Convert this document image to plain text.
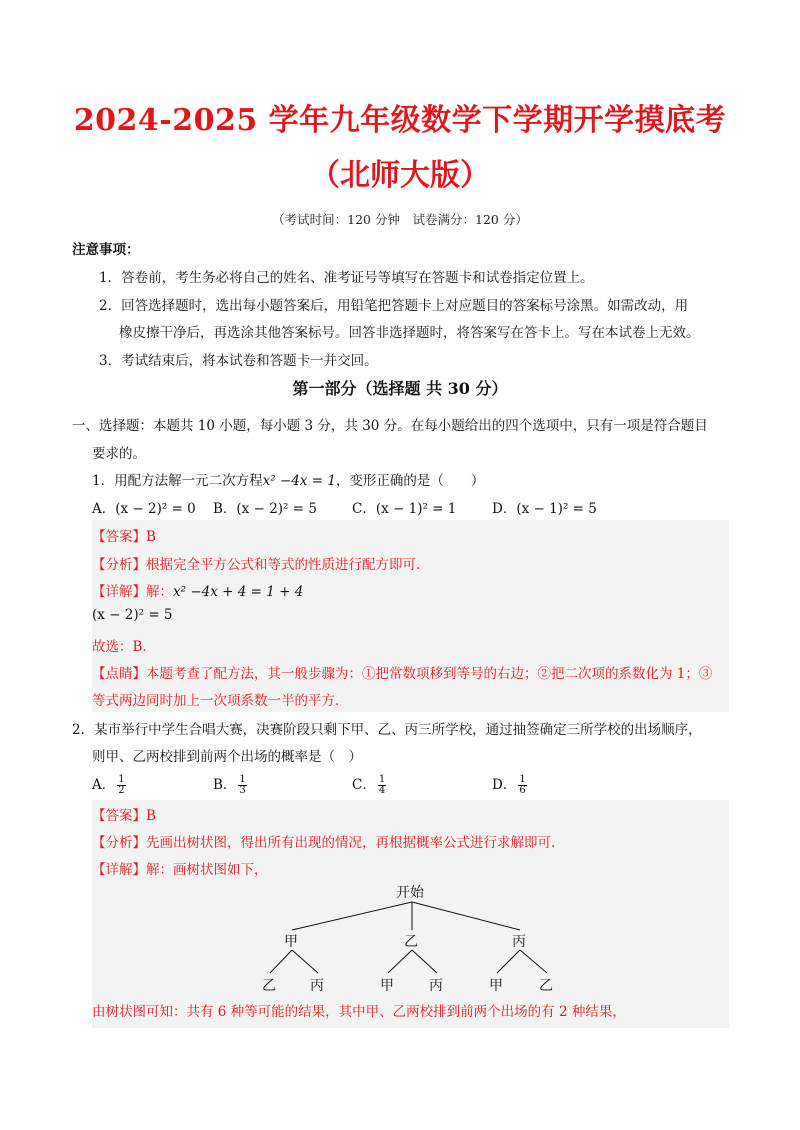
2024-2025 学年九年级数学下学期开学摸底考
（北师大版）
（考试时间：120 分钟　试卷满分：120 分）
注意事项：
1．答卷前，考生务必将自己的姓名、准考证号等填写在答题卡和试卷指定位置上。
2．回答选择题时，选出每小题答案后，用铅笔把答题卡上对应题目的答案标号涂黑。如需改动，用
橡皮擦干净后，再选涂其他答案标号。回答非选择题时，将答案写在答卡上。写在本试卷上无效。
3．考试结束后，将本试卷和答题卡一并交回。
第一部分（选择题 共 30 分）
一、选择题：本题共 10 小题，每小题 3 分，共 30 分。在每小题给出的四个选项中，只有一项是符合题目
要求的。
1．用配方法解一元二次方程x² −4x = 1，变形正确的是（　　）
A．(x − 2)² = 0 B．(x − 2)² = 5	C．(x − 1)² = 1	D．(x − 1)² = 5
【答案】B
【分析】根据完全平方公式和等式的性质进行配方即可.
【详解】解：x² −4x + 4 = 1 + 4
(x − 2)² = 5
故选：B．
【点睛】本题考查了配方法，其一般步骤为：①把常数项移到等号的右边；②把二次项的系数化为 1；③
等式两边同时加上一次项系数一半的平方.
2．某市举行中学生合唱大赛，决赛阶段只剩下甲、乙、丙三所学校，通过抽签确定三所学校的出场顺序，
则甲、乙两校排到前两个出场的概率是（　）
A． $\frac{1}{2}$	B． $\frac{1}{3}$	C． $\frac{1}{4}$	D． $\frac{1}{6}$
【答案】B
【分析】先画出树状图，得出所有出现的情况，再根据概率公式进行求解即可.
【详解】解：画树状图如下，
开始
甲	乙	丙
乙 丙	甲	丙	甲	乙
由树状图可知：共有 6 种等可能的结果，其中甲、乙两校排到前两个出场的有 2 种结果，
